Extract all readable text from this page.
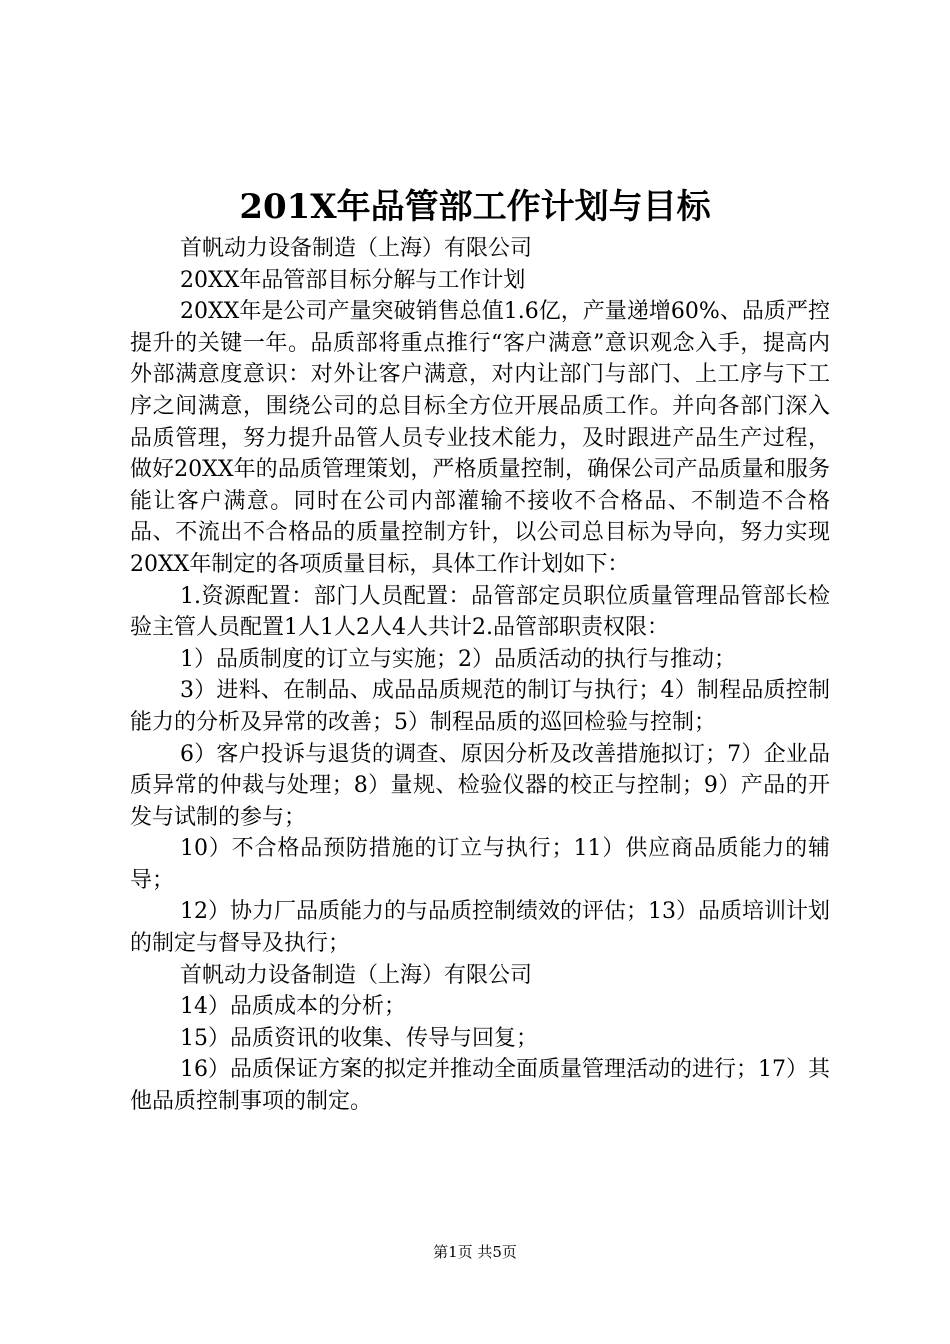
201X年品管部工作计划与目标

首帆动力设备制造（上海）有限公司

20XX年品管部目标分解与工作计划

20XX年是公司产量突破销售总值1.6亿，产量递增60%、品质严控提升的关键一年。品质部将重点推行“客户满意”意识观念入手，提高内外部满意度意识：对外让客户满意，对内让部门与部门、上工序与下工序之间满意，围绕公司的总目标全方位开展品质工作。并向各部门深入品质管理，努力提升品管人员专业技术能力，及时跟进产品生产过程，做好20XX年的品质管理策划，严格质量控制，确保公司产品质量和服务能让客户满意。同时在公司内部灌输不接收不合格品、不制造不合格品、不流出不合格品的质量控制方针，以公司总目标为导向，努力实现20XX年制定的各项质量目标，具体工作计划如下：

1.资源配置：部门人员配置：品管部定员职位质量管理品管部长检验主管人员配置1人1人2人4人共计2.品管部职责权限：

1）品质制度的订立与实施；2）品质活动的执行与推动；

3）进料、在制品、成品品质规范的制订与执行；4）制程品质控制能力的分析及异常的改善；5）制程品质的巡回检验与控制；

6）客户投诉与退货的调查、原因分析及改善措施拟订；7）企业品质异常的仲裁与处理；8）量规、检验仪器的校正与控制；9）产品的开发与试制的参与；

10）不合格品预防措施的订立与执行；11）供应商品质能力的辅导；

12）协力厂品质能力的与品质控制绩效的评估；13）品质培训计划的制定与督导及执行；

首帆动力设备制造（上海）有限公司

14）品质成本的分析；

15）品质资讯的收集、传导与回复；

16）品质保证方案的拟定并推动全面质量管理活动的进行；17）其他品质控制事项的制定。

第1页 共5页
